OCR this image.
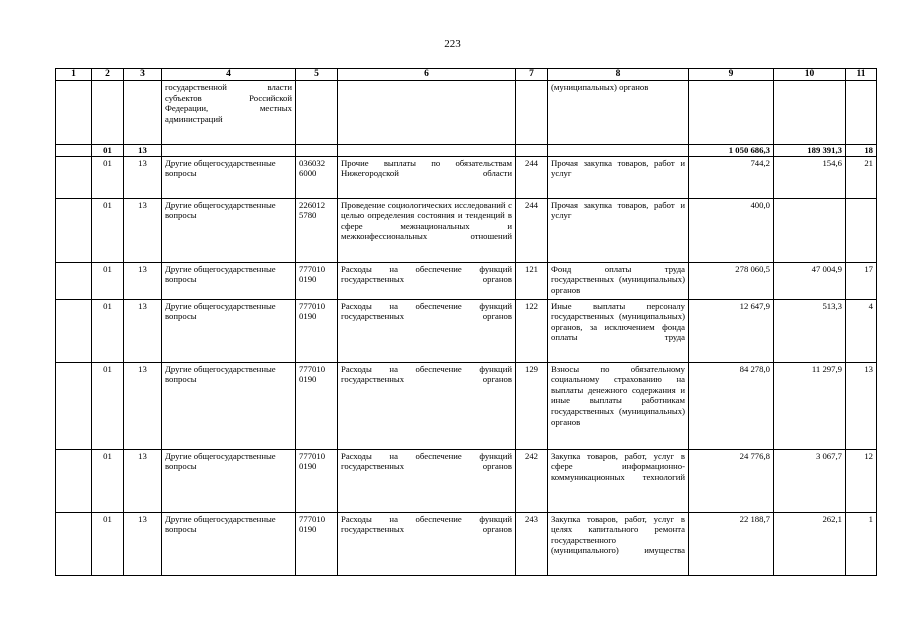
223
1	2	3	4	5	6	7	8	9	10	11
			государственной власти субъектов Российской Федерации, местных администраций				(муниципальных) органов			
	01	13						1 050 686,3	189 391,3	18
	01	13	Другие общегосударственные вопросы	036032 6000	Прочие выплаты по обязательствам Нижегородской области	244	Прочая закупка товаров, работ и услуг	744,2	154,6	21
	01	13	Другие общегосударственные вопросы	226012 5780	Проведение социологических исследований с целью определения состояния и тенденций в сфере межнациональных и межконфессиональных отношений	244	Прочая закупка товаров, работ и услуг	400,0		
	01	13	Другие общегосударственные вопросы	777010 0190	Расходы на обеспечение функций государственных органов	121	Фонд оплаты труда государственных (муниципальных) органов	278 060,5	47 004,9	17
	01	13	Другие общегосударственные вопросы	777010 0190	Расходы на обеспечение функций государственных органов	122	Иные выплаты персоналу государственных (муниципальных) органов, за исключением фонда оплаты труда	12 647,9	513,3	4
	01	13	Другие общегосударственные вопросы	777010 0190	Расходы на обеспечение функций государственных органов	129	Взносы по обязательному социальному страхованию на выплаты денежного содержания и иные выплаты работникам государственных (муниципальных) органов	84 278,0	11 297,9	13
	01	13	Другие общегосударственные вопросы	777010 0190	Расходы на обеспечение функций государственных органов	242	Закупка товаров, работ, услуг в сфере информационно-коммуникационных технологий	24 776,8	3 067,7	12
	01	13	Другие общегосударственные вопросы	777010 0190	Расходы на обеспечение функций государственных органов	243	Закупка товаров, работ, услуг в целях капитального ремонта государственного (муниципального) имущества	22 188,7	262,1	1
